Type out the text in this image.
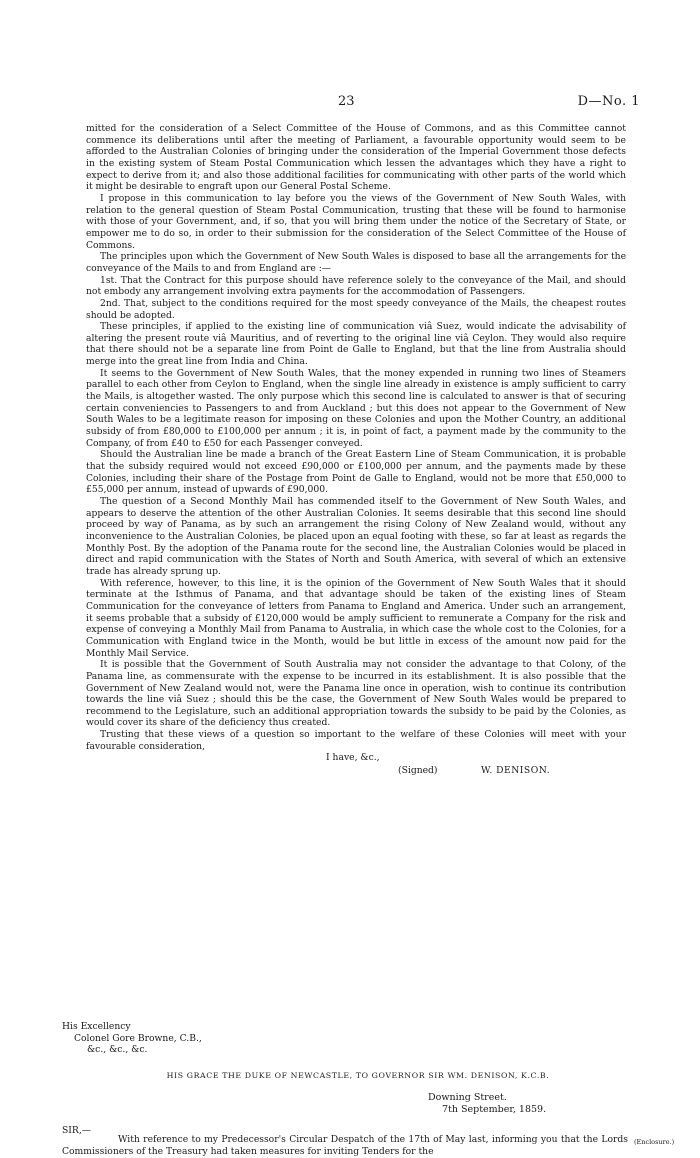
23	D—No. 1

mitted for the consideration of a Select Committee of the House of Commons, and as this Committee cannot commence its deliberations until after the meeting of Parliament, a favourable opportunity would seem to be afforded to the Australian Colonies of bringing under the consideration of the Imperial Government those defects in the existing system of Steam Postal Communication which lessen the advantages which they have a right to expect to derive from it; and also those additional facilities for communicating with other parts of the world which it might be desirable to engraft upon our General Postal Scheme.

I propose in this communication to lay before you the views of the Government of New South Wales, with relation to the general question of Steam Postal Communication, trusting that these will be found to harmonise with those of your Government, and, if so, that you will bring them under the notice of the Secretary of State, or empower me to do so, in order to their submission for the consideration of the Select Committee of the House of Commons.

The principles upon which the Government of New South Wales is disposed to base all the arrangements for the conveyance of the Mails to and from England are :—

1st. That the Contract for this purpose should have reference solely to the conveyance of the Mail, and should not embody any arrangement involving extra payments for the accommodation of Passengers.

2nd. That, subject to the conditions required for the most speedy conveyance of the Mails, the cheapest routes should be adopted.

These principles, if applied to the existing line of communication viâ Suez, would indicate the advisability of altering the present route viâ Mauritius, and of reverting to the original line viâ Ceylon. They would also require that there should not be a separate line from Point de Galle to England, but that the line from Australia should merge into the great line from India and China.

It seems to the Government of New South Wales, that the money expended in running two lines of Steamers parallel to each other from Ceylon to England, when the single line already in existence is amply sufficient to carry the Mails, is altogether wasted. The only purpose which this second line is calculated to answer is that of securing certain conveniencies to Passengers to and from Auckland ; but this does not appear to the Government of New South Wales to be a legitimate reason for imposing on these Colonies and upon the Mother Country, an additional subsidy of from £80,000 to £100,000 per annum ; it is, in point of fact, a payment made by the community to the Company, of from £40 to £50 for each Passenger conveyed.

Should the Australian line be made a branch of the Great Eastern Line of Steam Communication, it is probable that the subsidy required would not exceed £90,000 or £100,000 per annum, and the payments made by these Colonies, including their share of the Postage from Point de Galle to England, would not be more that £50,000 to £55,000 per annum, instead of upwards of £90,000.

The question of a Second Monthly Mail has commended itself to the Government of New South Wales, and appears to deserve the attention of the other Australian Colonies. It seems desirable that this second line should proceed by way of Panama, as by such an arrangement the rising Colony of New Zealand would, without any inconvenience to the Australian Colonies, be placed upon an equal footing with these, so far at least as regards the Monthly Post. By the adoption of the Panama route for the second line, the Australian Colonies would be placed in direct and rapid communication with the States of North and South America, with several of which an extensive trade has already sprung up.

With reference, however, to this line, it is the opinion of the Government of New South Wales that it should terminate at the Isthmus of Panama, and that advantage should be taken of the existing lines of Steam Communication for the conveyance of letters from Panama to England and America. Under such an arrangement, it seems probable that a subsidy of £120,000 would be amply sufficient to remunerate a Company for the risk and expense of conveying a Monthly Mail from Panama to Australia, in which case the whole cost to the Colonies, for a Communication with England twice in the Month, would be but little in excess of the amount now paid for the Monthly Mail Service.

It is possible that the Government of South Australia may not consider the advantage to that Colony, of the Panama line, as commensurate with the expense to be incurred in its establishment. It is also possible that the Government of New Zealand would not, were the Panama line once in operation, wish to continue its contribution towards the line viâ Suez ; should this be the case, the Government of New South Wales would be prepared to recommend to the Legislature, such an additional appropriation towards the subsidy to be paid by the Colonies, as would cover its share of the deficiency thus created.

Trusting that these views of a question so important to the welfare of these Colonies will meet with your favourable consideration,

I have, &c.,
(Signed)	W. DENISON.
His Excellency
Colonel Gore Browne, C.B.,
&c., &c., &c.
HIS GRACE THE DUKE OF NEWCASTLE, TO GOVERNOR SIR WM. DENISON, K.C.B.
Downing Street.
7th September, 1859.
SIR,—

With reference to my Predecessor's Circular Despatch of the 17th of May last, informing you that the Lords Commissioners of the Treasury had taken measures for inviting Tenders for the

(Enclosure.)
